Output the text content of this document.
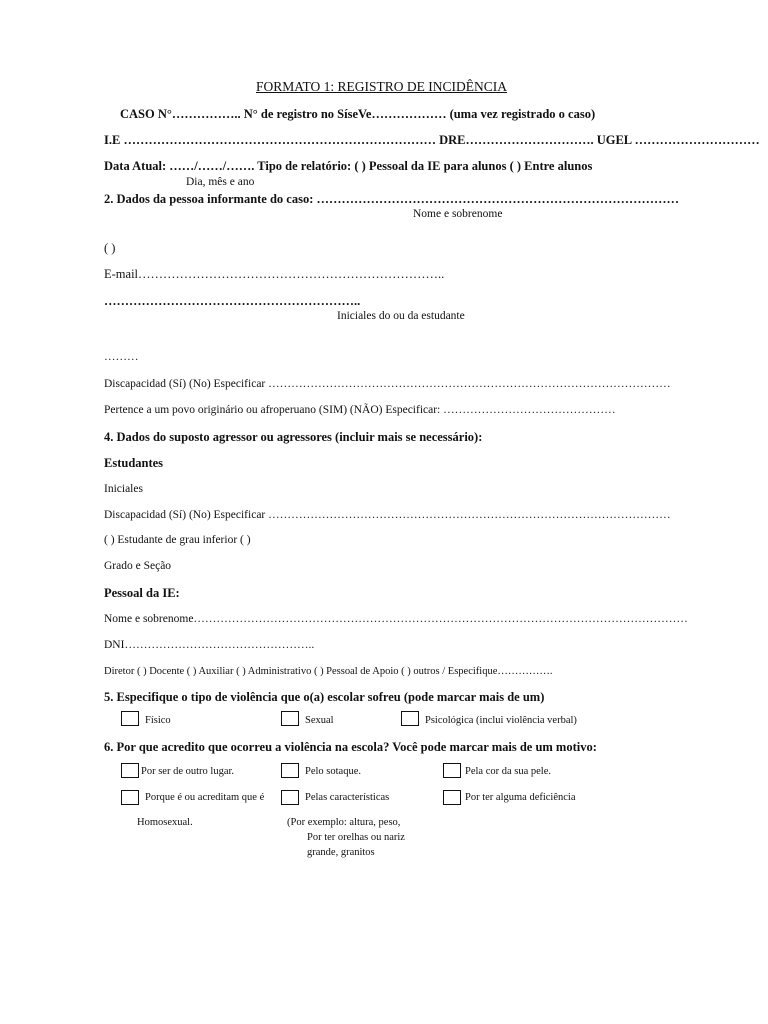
FORMATO 1: REGISTRO DE INCIDÊNCIA
CASO N°…………….. N° de registro no SíseVe……………… (uma vez registrado o caso)
I.E ………………………………………………………………… DRE…………………………. UGEL …………………………
Data Atual: ……/……/……. Tipo de relatório: ( ) Pessoal da IE para alunos ( ) Entre alunos
Dia, mês e ano
2. Dados da pessoa informante do caso: ……………………………………………………………………………
Nome e sobrenome
( )
E-mail………………………………………………………………..
……………………………………………………..
Iniciales do ou da estudante
………
Discapacidad (Sí) (No) Especificar ……………………………………………………………………………………………
Pertence a um povo originário ou afroperuano (SIM) (NÃO) Especificar: ………………………………………
4. Dados do suposto agressor ou agressores (incluir mais se necessário):
Estudantes
Iniciales
Discapacidad (Sí) (No) Especificar ……………………………………………………………………………………………
( ) Estudante de grau inferior ( )
Grado e Seção
Pessoal da IE:
Nome e sobrenome…………………………………………………………………………………………………………………
DNI…………………………………………..
Diretor ( ) Docente ( ) Auxiliar ( ) Administrativo ( ) Pessoal de Apoio ( ) outros / Especifique…………….
5. Especifique o tipo de violência que o(a) escolar sofreu (pode marcar mais de um)
Físico	Sexual	Psicológica (inclui violência verbal)
6. Por que acredito que ocorreu a violência na escola? Você pode marcar mais de um motivo:
Por ser de outro lugar.	Pelo sotaque.	Pela cor da sua pele.
Porque é ou acreditam que é	Pelas características	Por ter alguma deficiência
Homosexual.	(Por exemplo: altura, peso,
Por ter orelhas ou nariz
grande, granitos
